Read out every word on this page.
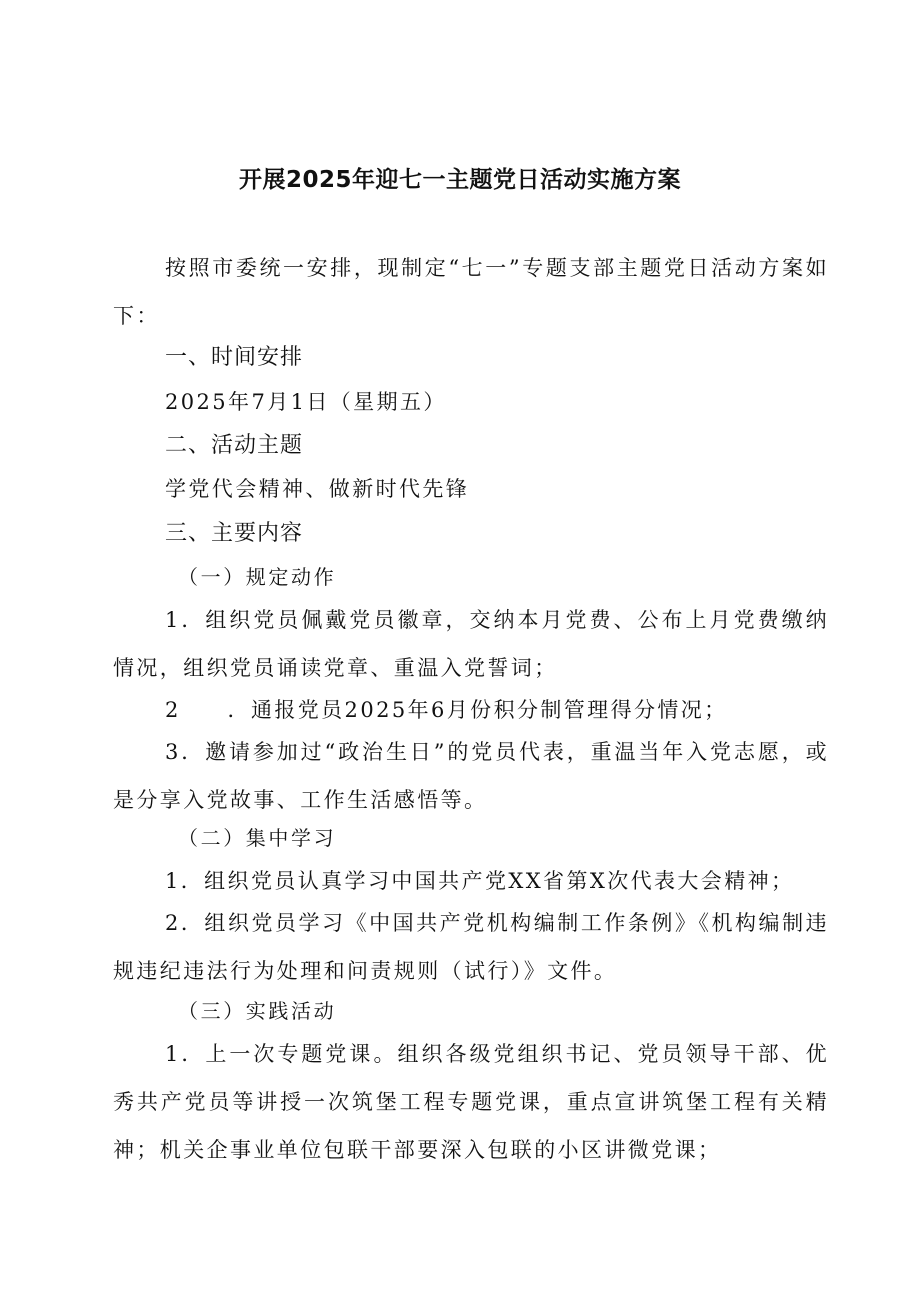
开展2025年迎七一主题党日活动实施方案

按照市委统一安排，现制定“七一”专题支部主题党日活动方案如下：

一、时间安排
2025年7月1日（星期五）
二、活动主题
学党代会精神、做新时代先锋
三、主要内容
（一）规定动作

1．组织党员佩戴党员徽章，交纳本月党费、公布上月党费缴纳情况，组织党员诵读党章、重温入党誓词；

2　　．通报党员2025年6月份积分制管理得分情况；

3．邀请参加过“政治生日”的党员代表，重温当年入党志愿，或是分享入党故事、工作生活感悟等。

（二）集中学习

1．组织党员认真学习中国共产党XX省第X次代表大会精神；

2．组织党员学习《中国共产党机构编制工作条例》《机构编制违规违纪违法行为处理和问责规则（试行）》文件。

（三）实践活动

1．上一次专题党课。组织各级党组织书记、党员领导干部、优秀共产党员等讲授一次筑堡工程专题党课，重点宣讲筑堡工程有关精神；机关企事业单位包联干部要深入包联的小区讲微党课；
